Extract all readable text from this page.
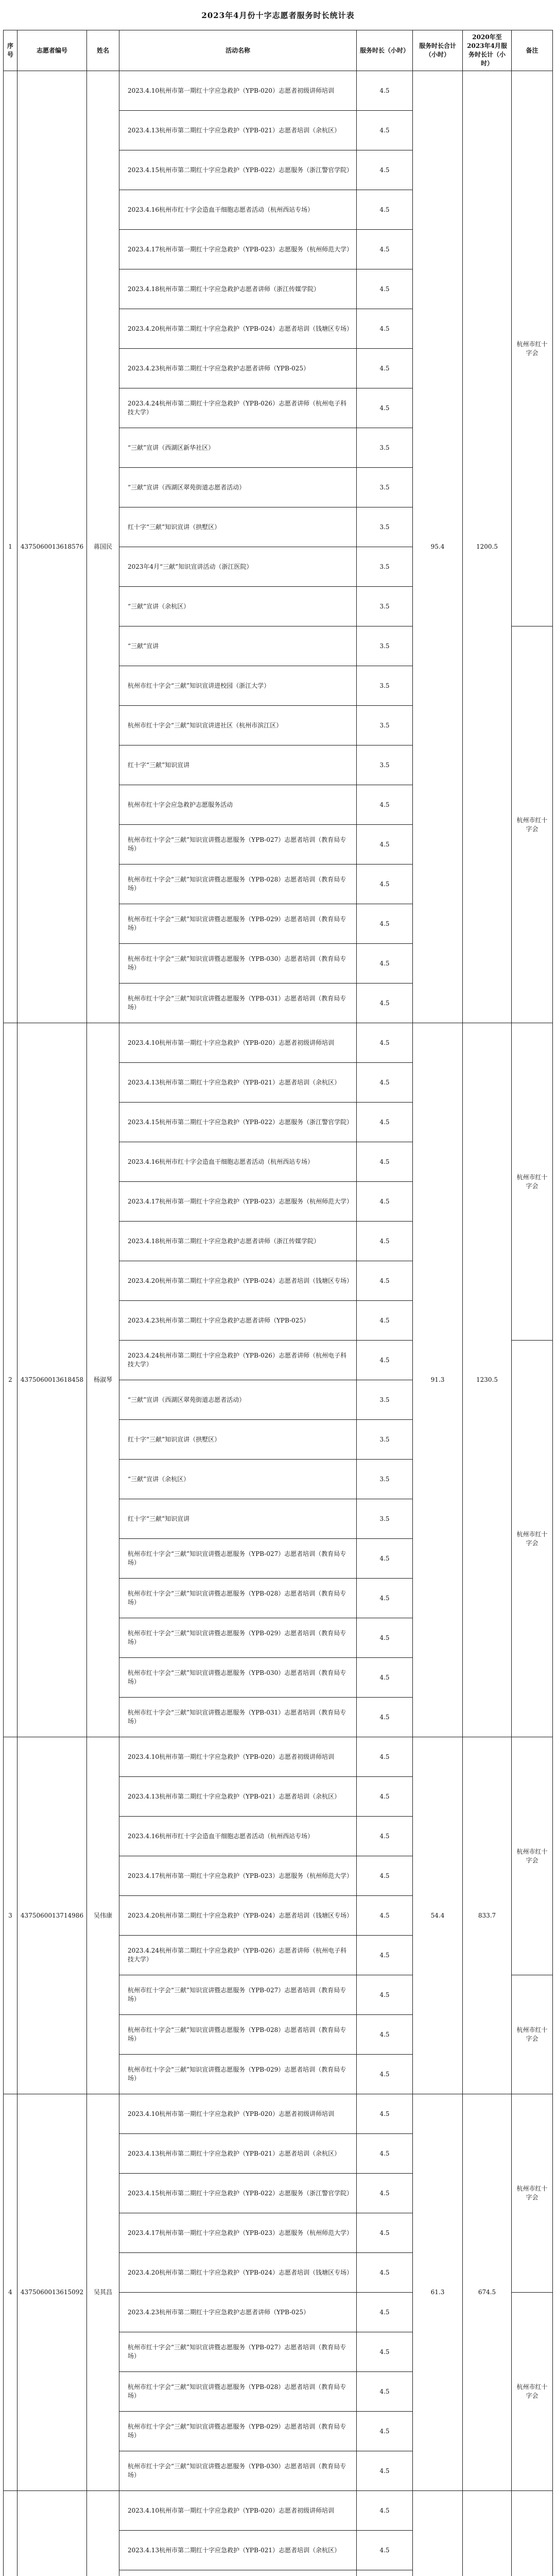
2023年4月份十字志愿者服务时长统计表
序号	志愿者编号	姓名	活动名称	服务时长（小时）	服务时长合计（小时）	2020年至2023年4月服务时长计（小时）	备注
1	4375060013618576	蒋国民	2023.4.10杭州市第一期红十字应急救护（YPB-020）志愿者初级讲师培训	4.5	95.4	1200.5	杭州市红十字会
			2023.4.13杭州市第二期红十字应急救护（YPB-021）志愿者培训（余杭区）	4.5			
			2023.4.15杭州市第二期红十字应急救护（YPB-022）志愿服务（浙江警官学院）	4.5			
			2023.4.16杭州市红十字会造血干细胞志愿者活动（杭州西站专场）	4.5			
			2023.4.17杭州市第一期红十字应急救护（YPB-023）志愿服务（杭州师范大学）	4.5			
			2023.4.18杭州市第二期红十字应急救护志愿者讲师（浙江传媒学院）	4.5			
			2023.4.20杭州市第二期红十字应急救护（YPB-024）志愿者培训（钱塘区专场）	4.5			
			2023.4.23杭州市第二期红十字应急救护志愿者讲师（YPB-025）	4.5			
			2023.4.24杭州市第二期红十字应急救护（YPB-026）志愿者讲师（杭州电子科技大学）	4.5			
			“三献”宣讲（西湖区新华社区）	3.5			
			“三献”宣讲（西湖区翠苑街道志愿者活动）	3.5			
			红十字“三献”知识宣讲（拱墅区）	3.5			
			2023年4月“三献”知识宣讲活动（浙江医院）	3.5			
			“三献”宣讲（余杭区）	3.5			
			“三献”宣讲	3.5			杭州市红十字会
			杭州市红十字会“三献”知识宣讲进校园（浙江大学）	3.5			
			杭州市红十字会“三献”知识宣讲进社区（杭州市滨江区）	3.5			
			红十字“三献”知识宣讲	3.5			
			杭州市红十字会应急救护志愿服务活动	4.5			
			杭州市红十字会“三献”知识宣讲暨志愿服务（YPB-027）志愿者培训（教育局专场）	4.5			
			杭州市红十字会“三献”知识宣讲暨志愿服务（YPB-028）志愿者培训（教育局专场）	4.5			
			杭州市红十字会“三献”知识宣讲暨志愿服务（YPB-029）志愿者培训（教育局专场）	4.5			
			杭州市红十字会“三献”知识宣讲暨志愿服务（YPB-030）志愿者培训（教育局专场）	4.5			
			杭州市红十字会“三献”知识宣讲暨志愿服务（YPB-031）志愿者培训（教育局专场）	4.5			
2	4375060013618458	杨淑琴	2023.4.10杭州市第一期红十字应急救护（YPB-020）志愿者初级讲师培训	4.5	91.3	1230.5	杭州市红十字会
			2023.4.13杭州市第二期红十字应急救护（YPB-021）志愿者培训（余杭区）	4.5			
			2023.4.15杭州市第二期红十字应急救护（YPB-022）志愿服务（浙江警官学院）	4.5			
			2023.4.16杭州市红十字会造血干细胞志愿者活动（杭州西站专场）	4.5			
			2023.4.17杭州市第一期红十字应急救护（YPB-023）志愿服务（杭州师范大学）	4.5			
			2023.4.18杭州市第二期红十字应急救护志愿者讲师（浙江传媒学院）	4.5			
			2023.4.20杭州市第二期红十字应急救护（YPB-024）志愿者培训（钱塘区专场）	4.5			
			2023.4.23杭州市第二期红十字应急救护志愿者讲师（YPB-025）	4.5			
			2023.4.24杭州市第二期红十字应急救护（YPB-026）志愿者讲师（杭州电子科技大学）	4.5			杭州市红十字会
			“三献”宣讲（西湖区翠苑街道志愿者活动）	3.5			
			红十字“三献”知识宣讲（拱墅区）	3.5			
			“三献”宣讲（余杭区）	3.5			
			红十字“三献”知识宣讲	3.5			
			杭州市红十字会“三献”知识宣讲暨志愿服务（YPB-027）志愿者培训（教育局专场）	4.5			
			杭州市红十字会“三献”知识宣讲暨志愿服务（YPB-028）志愿者培训（教育局专场）	4.5			
			杭州市红十字会“三献”知识宣讲暨志愿服务（YPB-029）志愿者培训（教育局专场）	4.5			
			杭州市红十字会“三献”知识宣讲暨志愿服务（YPB-030）志愿者培训（教育局专场）	4.5			
			杭州市红十字会“三献”知识宣讲暨志愿服务（YPB-031）志愿者培训（教育局专场）	4.5			
3	4375060013714986	吴伟康	2023.4.10杭州市第一期红十字应急救护（YPB-020）志愿者初级讲师培训	4.5	54.4	833.7	杭州市红十字会
			2023.4.13杭州市第二期红十字应急救护（YPB-021）志愿者培训（余杭区）	4.5			
			2023.4.16杭州市红十字会造血干细胞志愿者活动（杭州西站专场）	4.5			
			2023.4.17杭州市第一期红十字应急救护（YPB-023）志愿服务（杭州师范大学）	4.5			
			2023.4.20杭州市第二期红十字应急救护（YPB-024）志愿者培训（钱塘区专场）	4.5			
			2023.4.24杭州市第二期红十字应急救护（YPB-026）志愿者讲师（杭州电子科技大学）	4.5			
			杭州市红十字会“三献”知识宣讲暨志愿服务（YPB-027）志愿者培训（教育局专场）	4.5			杭州市红十字会
			杭州市红十字会“三献”知识宣讲暨志愿服务（YPB-028）志愿者培训（教育局专场）	4.5			
			杭州市红十字会“三献”知识宣讲暨志愿服务（YPB-029）志愿者培训（教育局专场）	4.5			
4	4375060013615092	吴其昌	2023.4.10杭州市第一期红十字应急救护（YPB-020）志愿者初级讲师培训	4.5	61.3	674.5	杭州市红十字会
			2023.4.13杭州市第二期红十字应急救护（YPB-021）志愿者培训（余杭区）	4.5			
			2023.4.15杭州市第二期红十字应急救护（YPB-022）志愿服务（浙江警官学院）	4.5			
			2023.4.17杭州市第一期红十字应急救护（YPB-023）志愿服务（杭州师范大学）	4.5			
			2023.4.20杭州市第二期红十字应急救护（YPB-024）志愿者培训（钱塘区专场）	4.5			
			2023.4.23杭州市第二期红十字应急救护志愿者讲师（YPB-025）	4.5			杭州市红十字会
			杭州市红十字会“三献”知识宣讲暨志愿服务（YPB-027）志愿者培训（教育局专场）	4.5			
			杭州市红十字会“三献”知识宣讲暨志愿服务（YPB-028）志愿者培训（教育局专场）	4.5			
			杭州市红十字会“三献”知识宣讲暨志愿服务（YPB-029）志愿者培训（教育局专场）	4.5			
			杭州市红十字会“三献”知识宣讲暨志愿服务（YPB-030）志愿者培训（教育局专场）	4.5			
			2023.4.10杭州市第一期红十字应急救护（YPB-020）志愿者初级讲师培训	4.5			
			2023.4.13杭州市第二期红十字应急救护（YPB-021）志愿者培训（余杭区）	4.5			
